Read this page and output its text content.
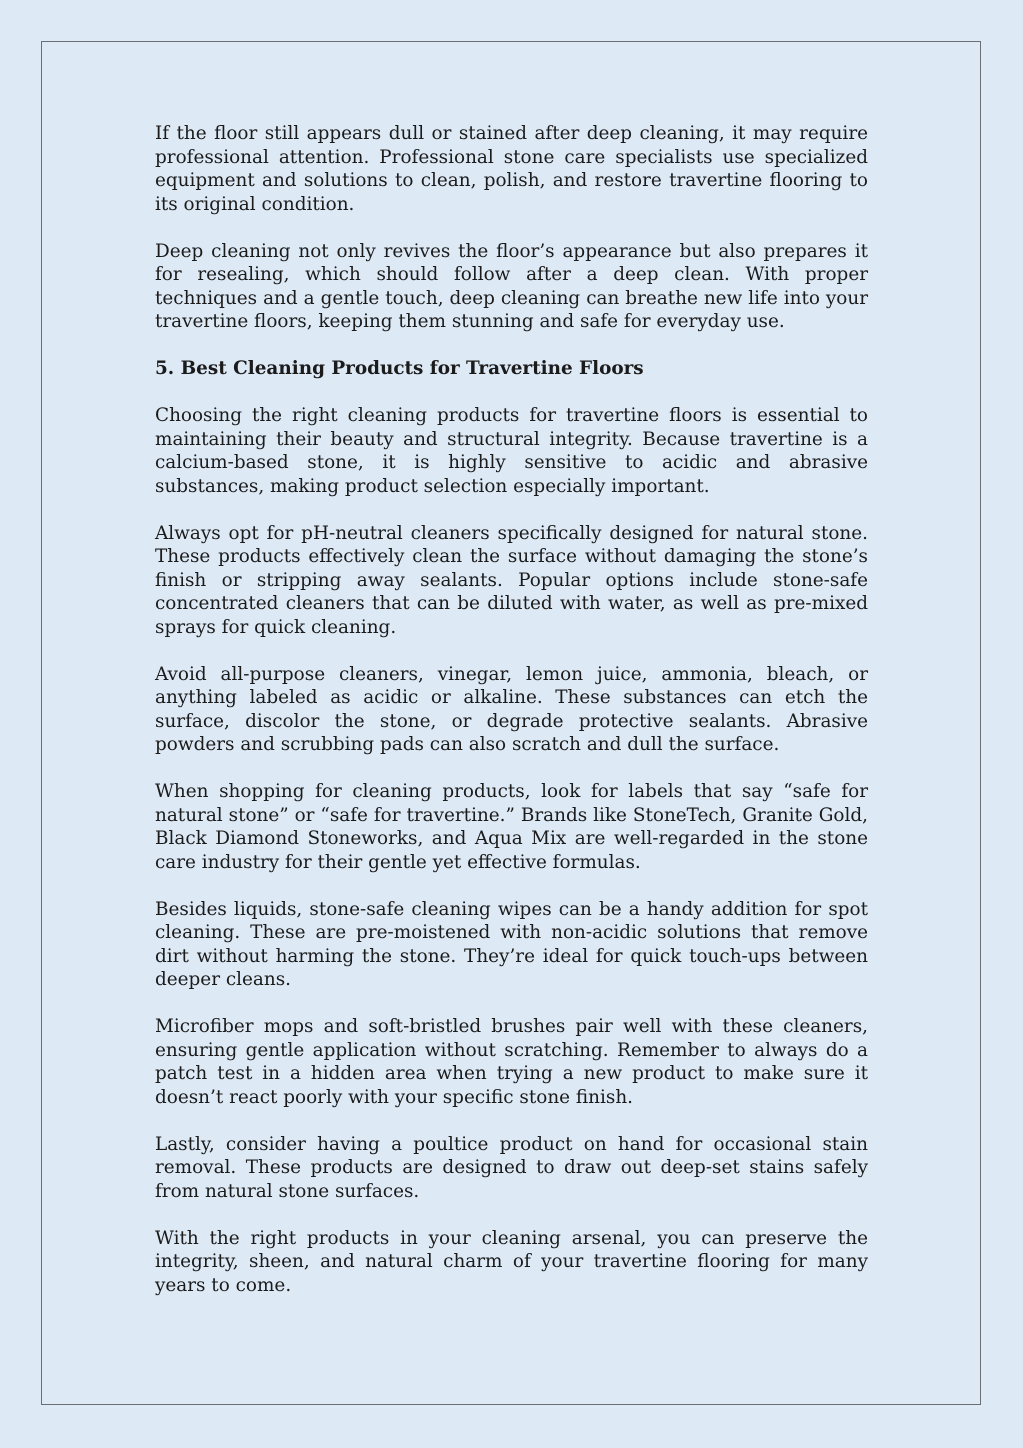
If the floor still appears dull or stained after deep cleaning, it may require professional attention. Professional stone care specialists use specialized equipment and solutions to clean, polish, and restore travertine flooring to its original condition.

Deep cleaning not only revives the floor’s appearance but also prepares it for resealing, which should follow after a deep clean. With proper techniques and a gentle touch, deep cleaning can breathe new life into your travertine floors, keeping them stunning and safe for everyday use.

5. Best Cleaning Products for Travertine Floors

Choosing the right cleaning products for travertine floors is essential to maintaining their beauty and structural integrity. Because travertine is a calcium-based stone, it is highly sensitive to acidic and abrasive substances, making product selection especially important.

Always opt for pH-neutral cleaners specifically designed for natural stone. These products effectively clean the surface without damaging the stone’s finish or stripping away sealants. Popular options include stone-safe concentrated cleaners that can be diluted with water, as well as pre-mixed sprays for quick cleaning.

Avoid all-purpose cleaners, vinegar, lemon juice, ammonia, bleach, or anything labeled as acidic or alkaline. These substances can etch the surface, discolor the stone, or degrade protective sealants. Abrasive powders and scrubbing pads can also scratch and dull the surface.

When shopping for cleaning products, look for labels that say “safe for natural stone” or “safe for travertine.” Brands like StoneTech, Granite Gold, Black Diamond Stoneworks, and Aqua Mix are well-regarded in the stone care industry for their gentle yet effective formulas.

Besides liquids, stone-safe cleaning wipes can be a handy addition for spot cleaning. These are pre-moistened with non-acidic solutions that remove dirt without harming the stone. They’re ideal for quick touch-ups between deeper cleans.

Microfiber mops and soft-bristled brushes pair well with these cleaners, ensuring gentle application without scratching. Remember to always do a patch test in a hidden area when trying a new product to make sure it doesn’t react poorly with your specific stone finish.

Lastly, consider having a poultice product on hand for occasional stain removal. These products are designed to draw out deep-set stains safely from natural stone surfaces.

With the right products in your cleaning arsenal, you can preserve the integrity, sheen, and natural charm of your travertine flooring for many years to come.
